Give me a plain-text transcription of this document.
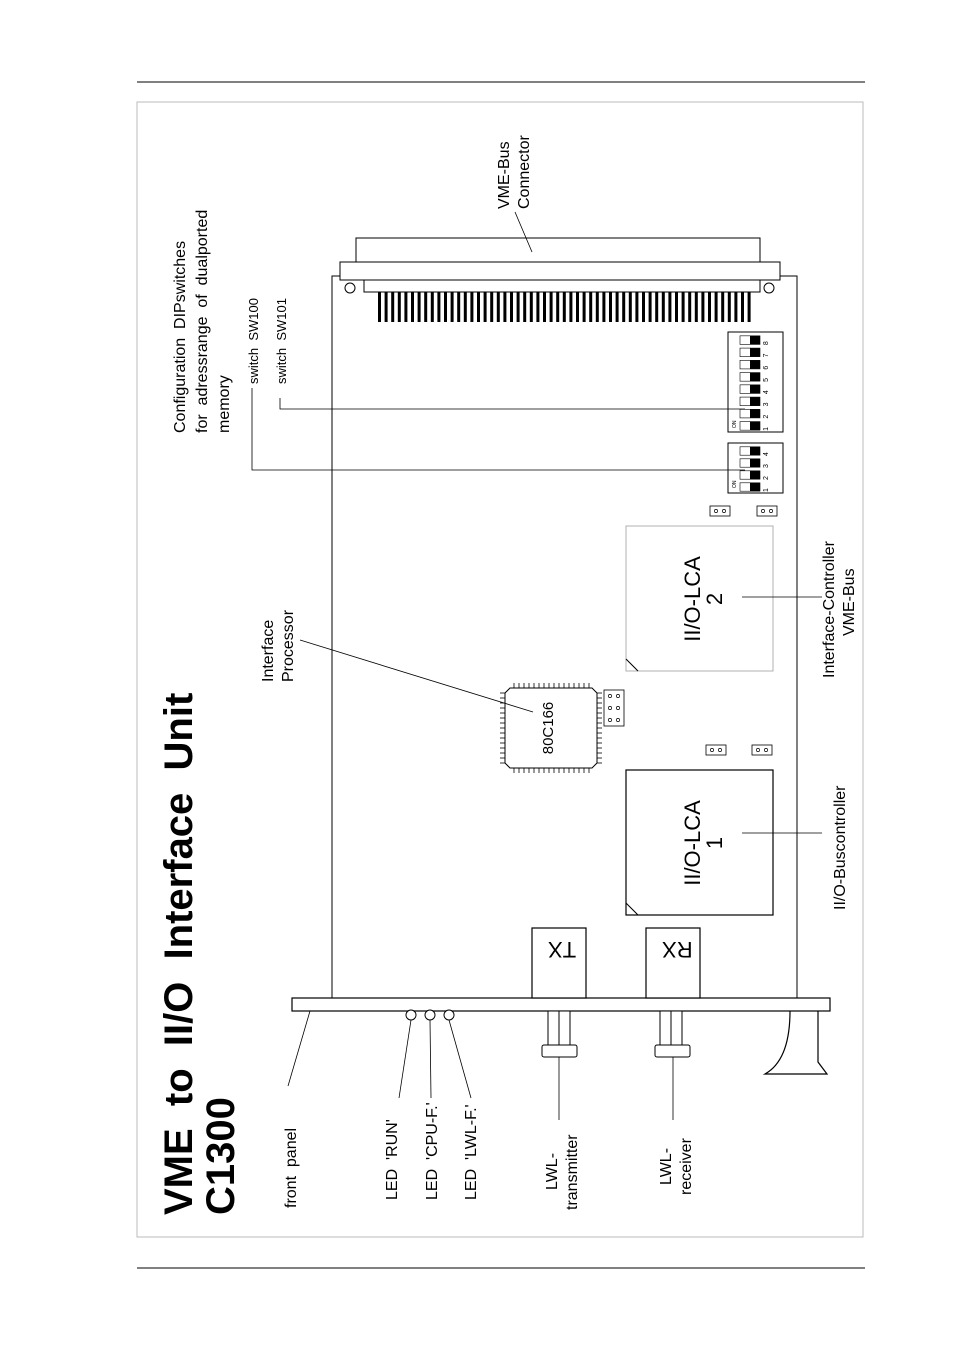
VME  to  II/O  Interface  Unit
C1300
TX	RX
II/O-LCA
1
II/O-LCA
2
80C166
1
2
3
4
ON
1
2
3
4
5
6
7
8
ON
front  panel	LED  'RUN' LED  'CPU-F.' LED  'LWL-F.'	LWL- transmitter	LWL- receiver
II/O-Buscontroller
Interface-Controller VME-Bus
Interface Processor
Configuration  DIPswitches for  adressrange  of  dualported memory
switch  SW100 switch  SW101
VME-Bus Connector
